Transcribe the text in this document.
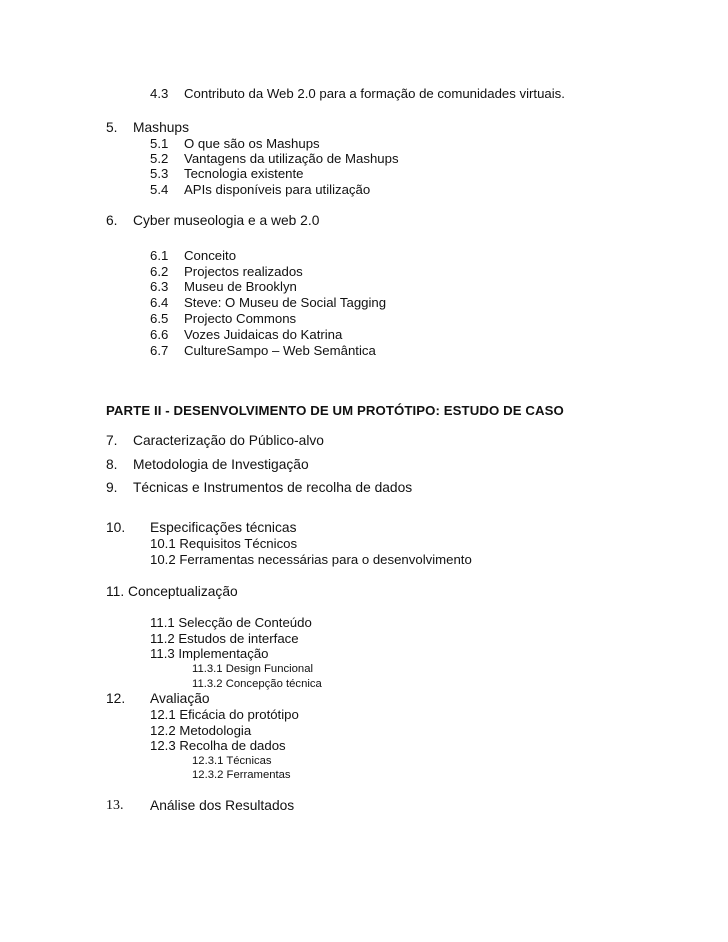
4.3 Contributo da Web 2.0 para a formação de comunidades virtuais.
5. Mashups
5.1 O que são os Mashups
5.2 Vantagens da utilização de Mashups
5.3 Tecnologia existente
5.4 APIs disponíveis para utilização
6. Cyber museologia e a web 2.0
6.1 Conceito
6.2 Projectos realizados
6.3 Museu de Brooklyn
6.4 Steve: O Museu de Social Tagging
6.5 Projecto Commons
6.6 Vozes Juidaicas do Katrina
6.7 CultureSampo – Web Semântica
PARTE II - DESENVOLVIMENTO DE UM PROTÓTIPO: ESTUDO DE CASO
7. Caracterização do Público-alvo
8. Metodologia de Investigação
9. Técnicas e Instrumentos de recolha de dados
10. Especificações técnicas
10.1 Requisitos Técnicos
10.2 Ferramentas necessárias para o desenvolvimento
11. Conceptualização
11.1 Selecção de Conteúdo
11.2 Estudos de interface
11.3 Implementação
11.3.1 Design Funcional
11.3.2 Concepção técnica
12. Avaliação
12.1 Eficácia do protótipo
12.2 Metodologia
12.3 Recolha de dados
12.3.1 Técnicas
12.3.2 Ferramentas
13. Análise dos Resultados
